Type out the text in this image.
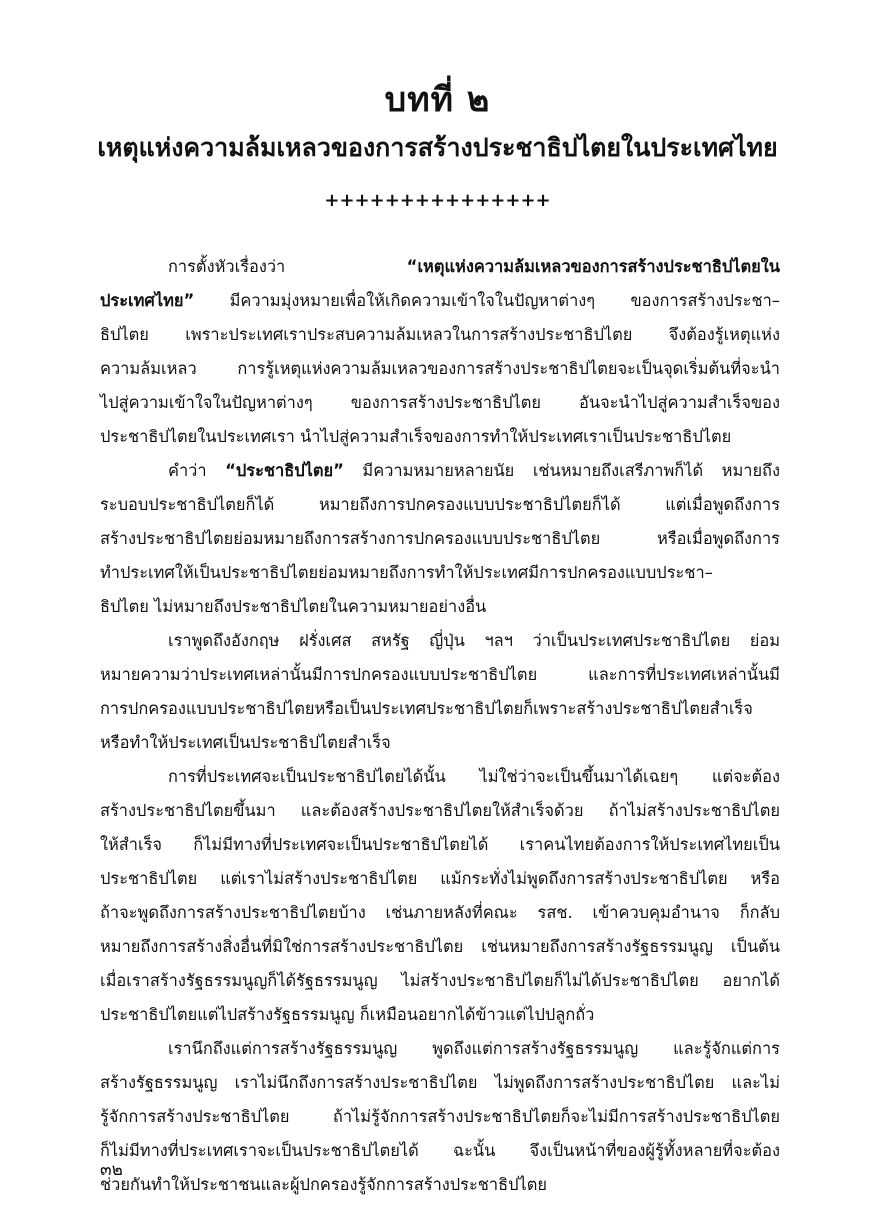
บทที่ ๒
เหตุแห่งความล้มเหลวของการสร้างประชาธิปไตยในประเทศไทย
+++++++++++++++
การตั้งหัวเรื่องว่า “เหตุแห่งความล้มเหลวของการสร้างประชาธิปไตยใน
ประเทศไทย” มีความมุ่งหมายเพื่อให้เกิดความเข้าใจในปัญหาต่างๆ ของการสร้างประชา–
ธิปไตย เพราะประเทศเราประสบความล้มเหลวในการสร้างประชาธิปไตย จึงต้องรู้เหตุแห่ง
ความล้มเหลว การรู้เหตุแห่งความล้มเหลวของการสร้างประชาธิปไตยจะเป็นจุดเริ่มต้นที่จะนำ
ไปสู่ความเข้าใจในปัญหาต่างๆ ของการสร้างประชาธิปไตย อันจะนำไปสู่ความสำเร็จของ
ประชาธิปไตยในประเทศเรา นำไปสู่ความสำเร็จของการทำให้ประเทศเราเป็นประชาธิปไตย
คำว่า “ประชาธิปไตย” มีความหมายหลายนัย เช่นหมายถึงเสรีภาพก็ได้ หมายถึง
ระบอบประชาธิปไตยก็ได้ หมายถึงการปกครองแบบประชาธิปไตยก็ได้ แต่เมื่อพูดถึงการ
สร้างประชาธิปไตยย่อมหมายถึงการสร้างการปกครองแบบประชาธิปไตย หรือเมื่อพูดถึงการ
ทำประเทศให้เป็นประชาธิปไตยย่อมหมายถึงการทำให้ประเทศมีการปกครองแบบประชา–
ธิปไตย ไม่หมายถึงประชาธิปไตยในความหมายอย่างอื่น
เราพูดถึงอังกฤษ ฝรั่งเศส สหรัฐ ญี่ปุ่น ฯลฯ ว่าเป็นประเทศประชาธิปไตย ย่อม
หมายความว่าประเทศเหล่านั้นมีการปกครองแบบประชาธิปไตย และการที่ประเทศเหล่านั้นมี
การปกครองแบบประชาธิปไตยหรือเป็นประเทศประชาธิปไตยก็เพราะสร้างประชาธิปไตยสำเร็จ
หรือทำให้ประเทศเป็นประชาธิปไตยสำเร็จ
การที่ประเทศจะเป็นประชาธิปไตยได้นั้น ไม่ใช่ว่าจะเป็นขึ้นมาได้เฉยๆ แต่จะต้อง
สร้างประชาธิปไตยขึ้นมา และต้องสร้างประชาธิปไตยให้สำเร็จด้วย ถ้าไม่สร้างประชาธิปไตย
ให้สำเร็จ ก็ไม่มีทางที่ประเทศจะเป็นประชาธิปไตยได้ เราคนไทยต้องการให้ประเทศไทยเป็น
ประชาธิปไตย แต่เราไม่สร้างประชาธิปไตย แม้กระทั่งไม่พูดถึงการสร้างประชาธิปไตย หรือ
ถ้าจะพูดถึงการสร้างประชาธิปไตยบ้าง เช่นภายหลังที่คณะ รสช. เข้าควบคุมอำนาจ ก็กลับ
หมายถึงการสร้างสิ่งอื่นที่มิใช่การสร้างประชาธิปไตย เช่นหมายถึงการสร้างรัฐธรรมนูญ เป็นต้น
เมื่อเราสร้างรัฐธรรมนูญก็ได้รัฐธรรมนูญ ไม่สร้างประชาธิปไตยก็ไม่ได้ประชาธิปไตย อยากได้
ประชาธิปไตยแต่ไปสร้างรัฐธรรมนูญ ก็เหมือนอยากได้ข้าวแต่ไปปลูกถั่ว
เรานึกถึงแต่การสร้างรัฐธรรมนูญ พูดถึงแต่การสร้างรัฐธรรมนูญ และรู้จักแต่การ
สร้างรัฐธรรมนูญ เราไม่นึกถึงการสร้างประชาธิปไตย ไม่พูดถึงการสร้างประชาธิปไตย และไม่
รู้จักการสร้างประชาธิปไตย ถ้าไม่รู้จักการสร้างประชาธิปไตยก็จะไม่มีการสร้างประชาธิปไตย
ก็ไม่มีทางที่ประเทศเราจะเป็นประชาธิปไตยได้ ฉะนั้น จึงเป็นหน้าที่ของผู้รู้ทั้งหลายที่จะต้อง
ช่วยกันทำให้ประชาชนและผู้ปกครองรู้จักการสร้างประชาธิปไตย
๓๒
